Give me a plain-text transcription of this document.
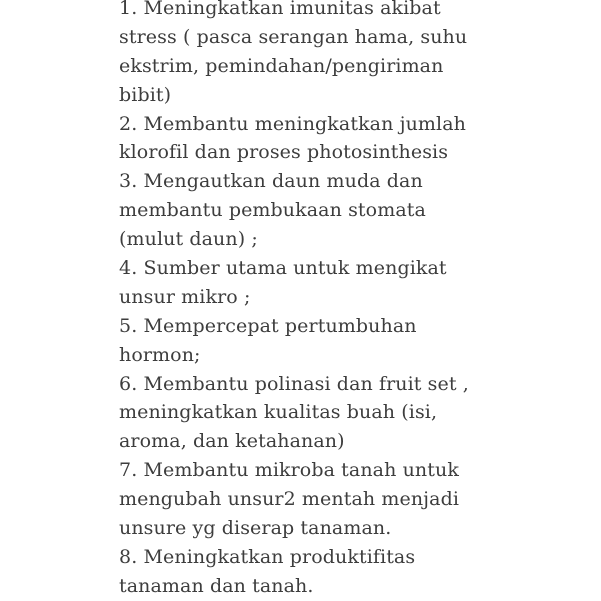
1. Meningkatkan imunitas akibat
stress ( pasca serangan hama, suhu
ekstrim, pemindahan/pengiriman
bibit)
2. Membantu meningkatkan jumlah
klorofil dan proses photosinthesis
3. Mengautkan daun muda dan
membantu pembukaan stomata
(mulut daun) ;
4. Sumber utama untuk mengikat
unsur mikro ;
5. Mempercepat pertumbuhan
hormon;
6. Membantu polinasi dan fruit set ,
meningkatkan kualitas buah (isi,
aroma, dan ketahanan)
7. Membantu mikroba tanah untuk
mengubah unsur2 mentah menjadi
unsure yg diserap tanaman.
8. Meningkatkan produktifitas
tanaman dan tanah.
